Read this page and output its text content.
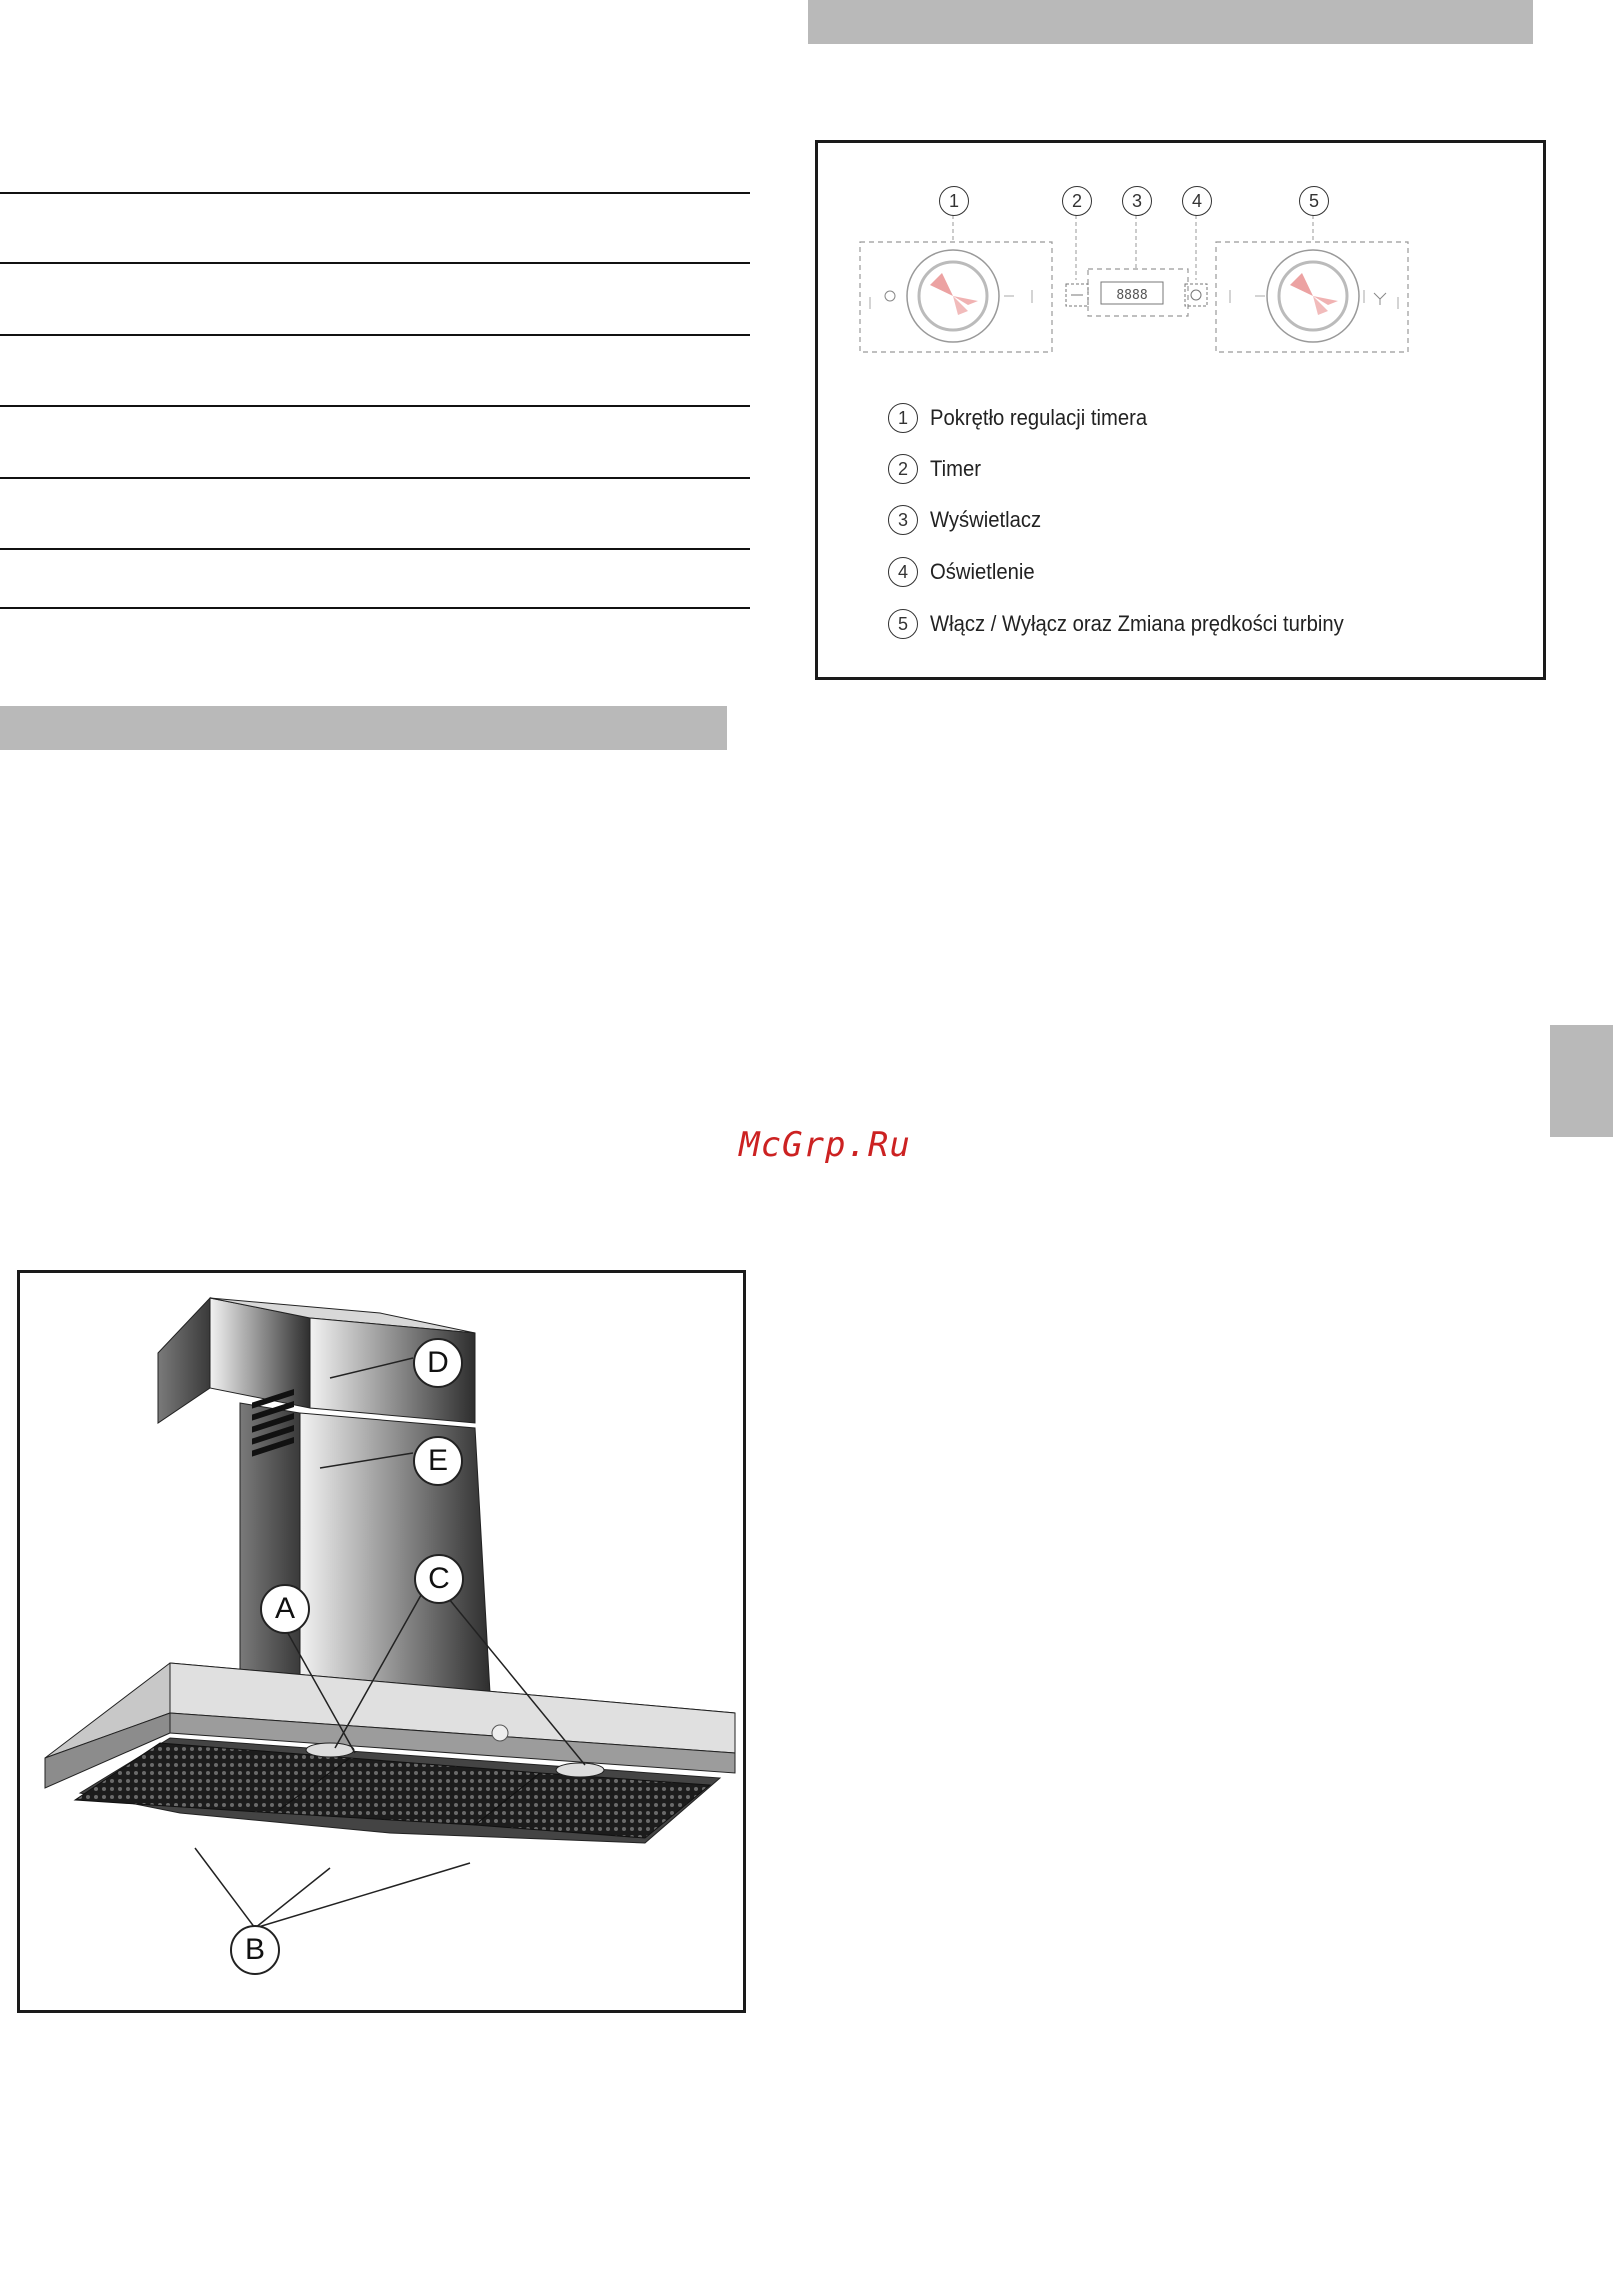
8888
1	2	3	4	5
1	Pokrętło regulacji timera
2	Timer
3	Wyświetlacz
4	Oświetlenie
5	Włącz / Wyłącz oraz Zmiana prędkości turbiny
McGrp.Ru
D
E
A
C
B
